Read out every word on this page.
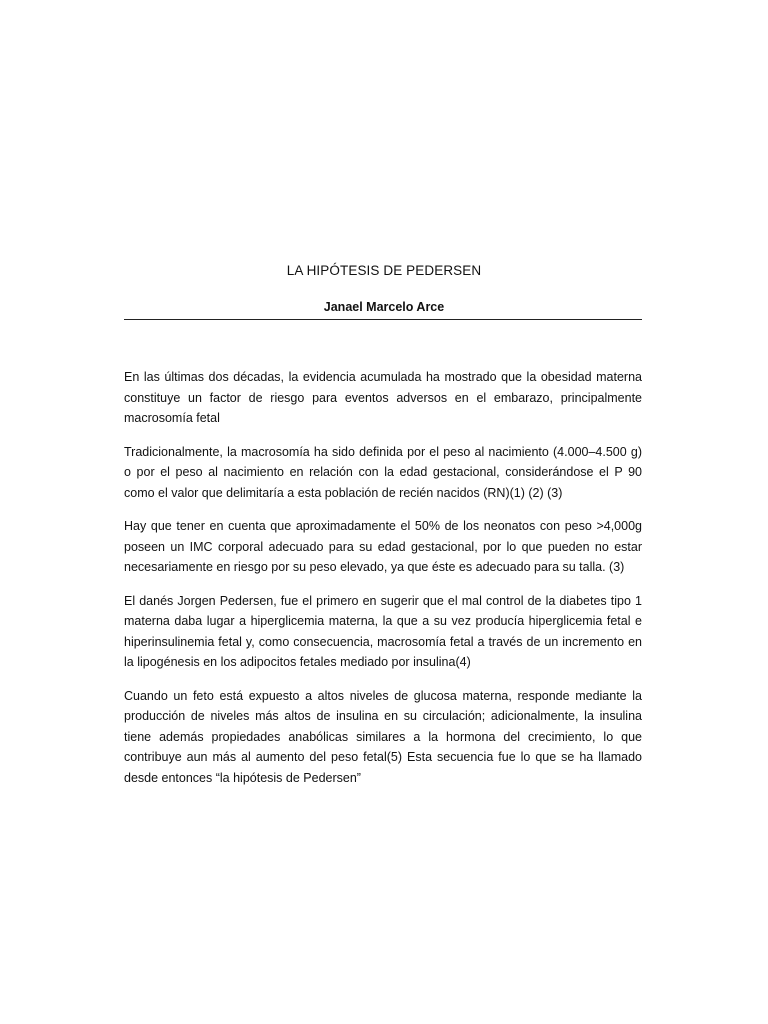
LA HIPÓTESIS DE PEDERSEN
Janael Marcelo Arce

En las últimas dos décadas, la evidencia acumulada ha mostrado que la obesidad materna constituye un factor de riesgo para eventos adversos en el embarazo, principalmente macrosomía fetal

Tradicionalmente, la macrosomía ha sido definida por el peso al nacimiento (4.000–4.500 g) o por el peso al nacimiento en relación con la edad gestacional, considerándose el P 90 como el valor que delimitaría a esta población de recién nacidos (RN)(1) (2) (3)

Hay que tener en cuenta que aproximadamente el 50% de los neonatos con peso >4,000g poseen un IMC corporal adecuado para su edad gestacional, por lo que pueden no estar necesariamente en riesgo por su peso elevado, ya que éste es adecuado para su talla. (3)

El danés Jorgen Pedersen, fue el primero en sugerir que el mal control de la diabetes tipo 1 materna daba lugar a hiperglicemia materna, la que a su vez producía hiperglicemia fetal e hiperinsulinemia fetal y, como consecuencia, macrosomía fetal a través de un incremento en la lipogénesis en los adipocitos fetales mediado por insulina(4)

Cuando un feto está expuesto a altos niveles de glucosa materna, responde mediante la producción de niveles más altos de insulina en su circulación; adicionalmente, la insulina tiene además propiedades anabólicas similares a la hormona del crecimiento, lo que contribuye aun más al aumento del peso fetal(5) Esta secuencia fue lo que se ha llamado desde entonces “la hipótesis de Pedersen”
